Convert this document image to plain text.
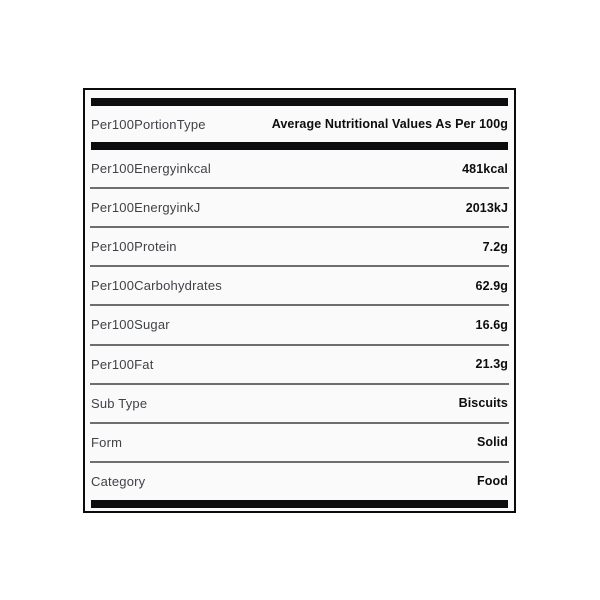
Per100PortionType	Average Nutritional Values As Per 100g
Per100Energyinkcal	481kcal
Per100EnergyinkJ	2013kJ
Per100Protein	7.2g
Per100Carbohydrates	62.9g
Per100Sugar	16.6g
Per100Fat	21.3g
Sub Type	Biscuits
Form	Solid
Category	Food
